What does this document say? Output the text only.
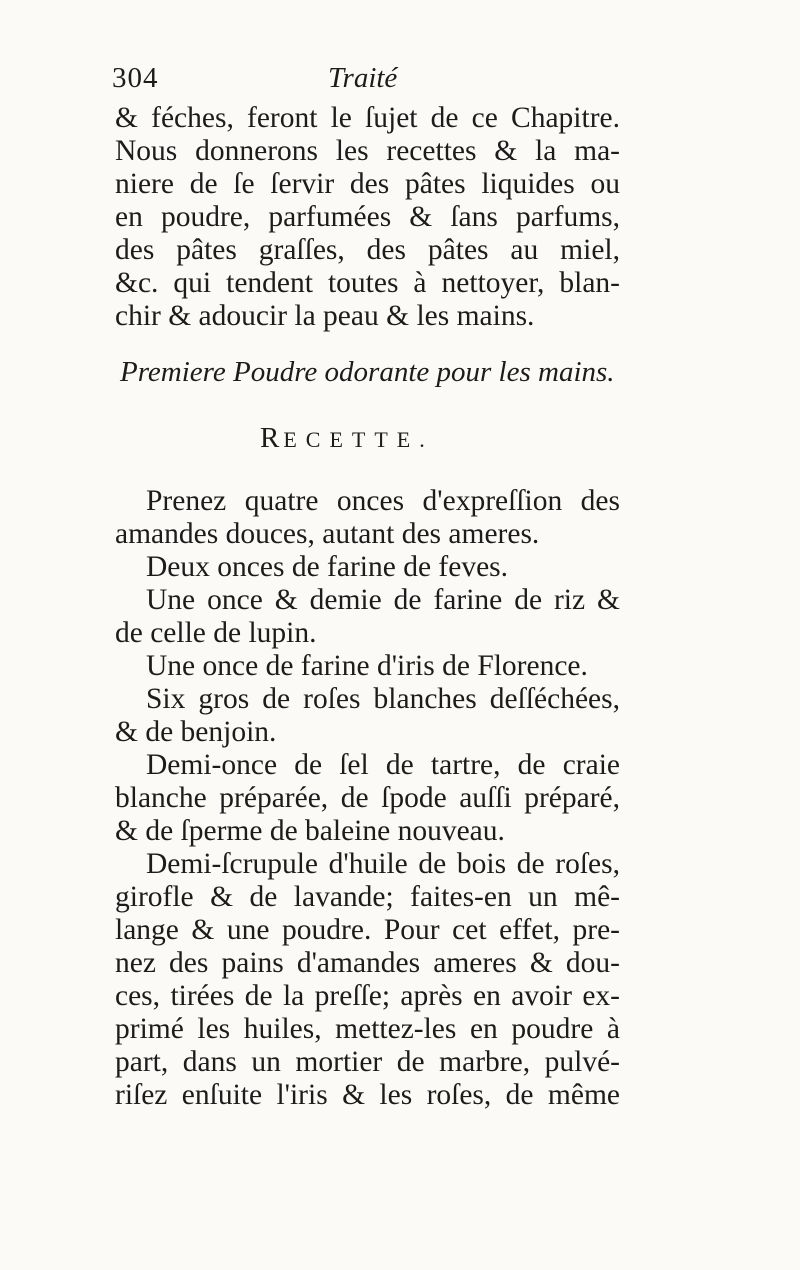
304	Traité
& féches, feront le ſujet de ce Chapitre.
Nous donnerons les recettes & la ma-
niere de ſe ſervir des pâtes liquides ou
en poudre, parfumées & ſans parfums,
des pâtes graſſes, des pâtes au miel,
&c. qui tendent toutes à nettoyer, blan-
chir & adoucir la peau & les mains.
Premiere Poudre odorante pour les mains.
RECETTE.
Prenez quatre onces d'expreſſion des
amandes douces, autant des ameres.
Deux onces de farine de feves.
Une once & demie de farine de riz &
de celle de lupin.
Une once de farine d'iris de Florence.
Six gros de roſes blanches deſſéchées,
& de benjoin.
Demi-once de ſel de tartre, de craie
blanche préparée, de ſpode auſſi préparé,
& de ſperme de baleine nouveau.
Demi-ſcrupule d'huile de bois de roſes,
girofle & de lavande; faites-en un mê-
lange & une poudre. Pour cet effet, pre-
nez des pains d'amandes ameres & dou-
ces, tirées de la preſſe; après en avoir ex-
primé les huiles, mettez-les en poudre à
part, dans un mortier de marbre, pulvé-
riſez enſuite l'iris & les roſes, de même
